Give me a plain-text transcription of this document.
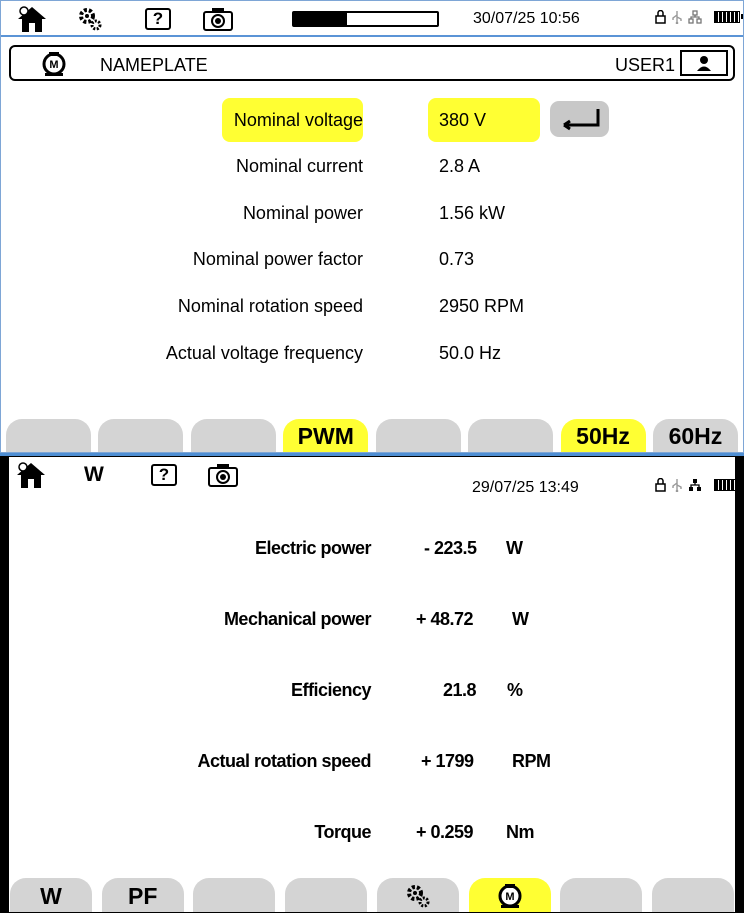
?	30/07/25 10:56
M NAMEPLATE	USER1
Nominal voltage	380 V
Nominal current	2.8 A
Nominal power	1.56 kW
Nominal power factor	0.73
Nominal rotation speed	2950 RPM
Actual voltage frequency	50.0 Hz
PWM	50Hz 60Hz
W	?
29/07/25 13:49
Electric power	- 223.5 W
Mechanical power	+ 48.72 W
Efficiency	21.8 %
Actual rotation speed	+ 1799 RPM
Torque	+ 0.259 Nm
W	PF	M
